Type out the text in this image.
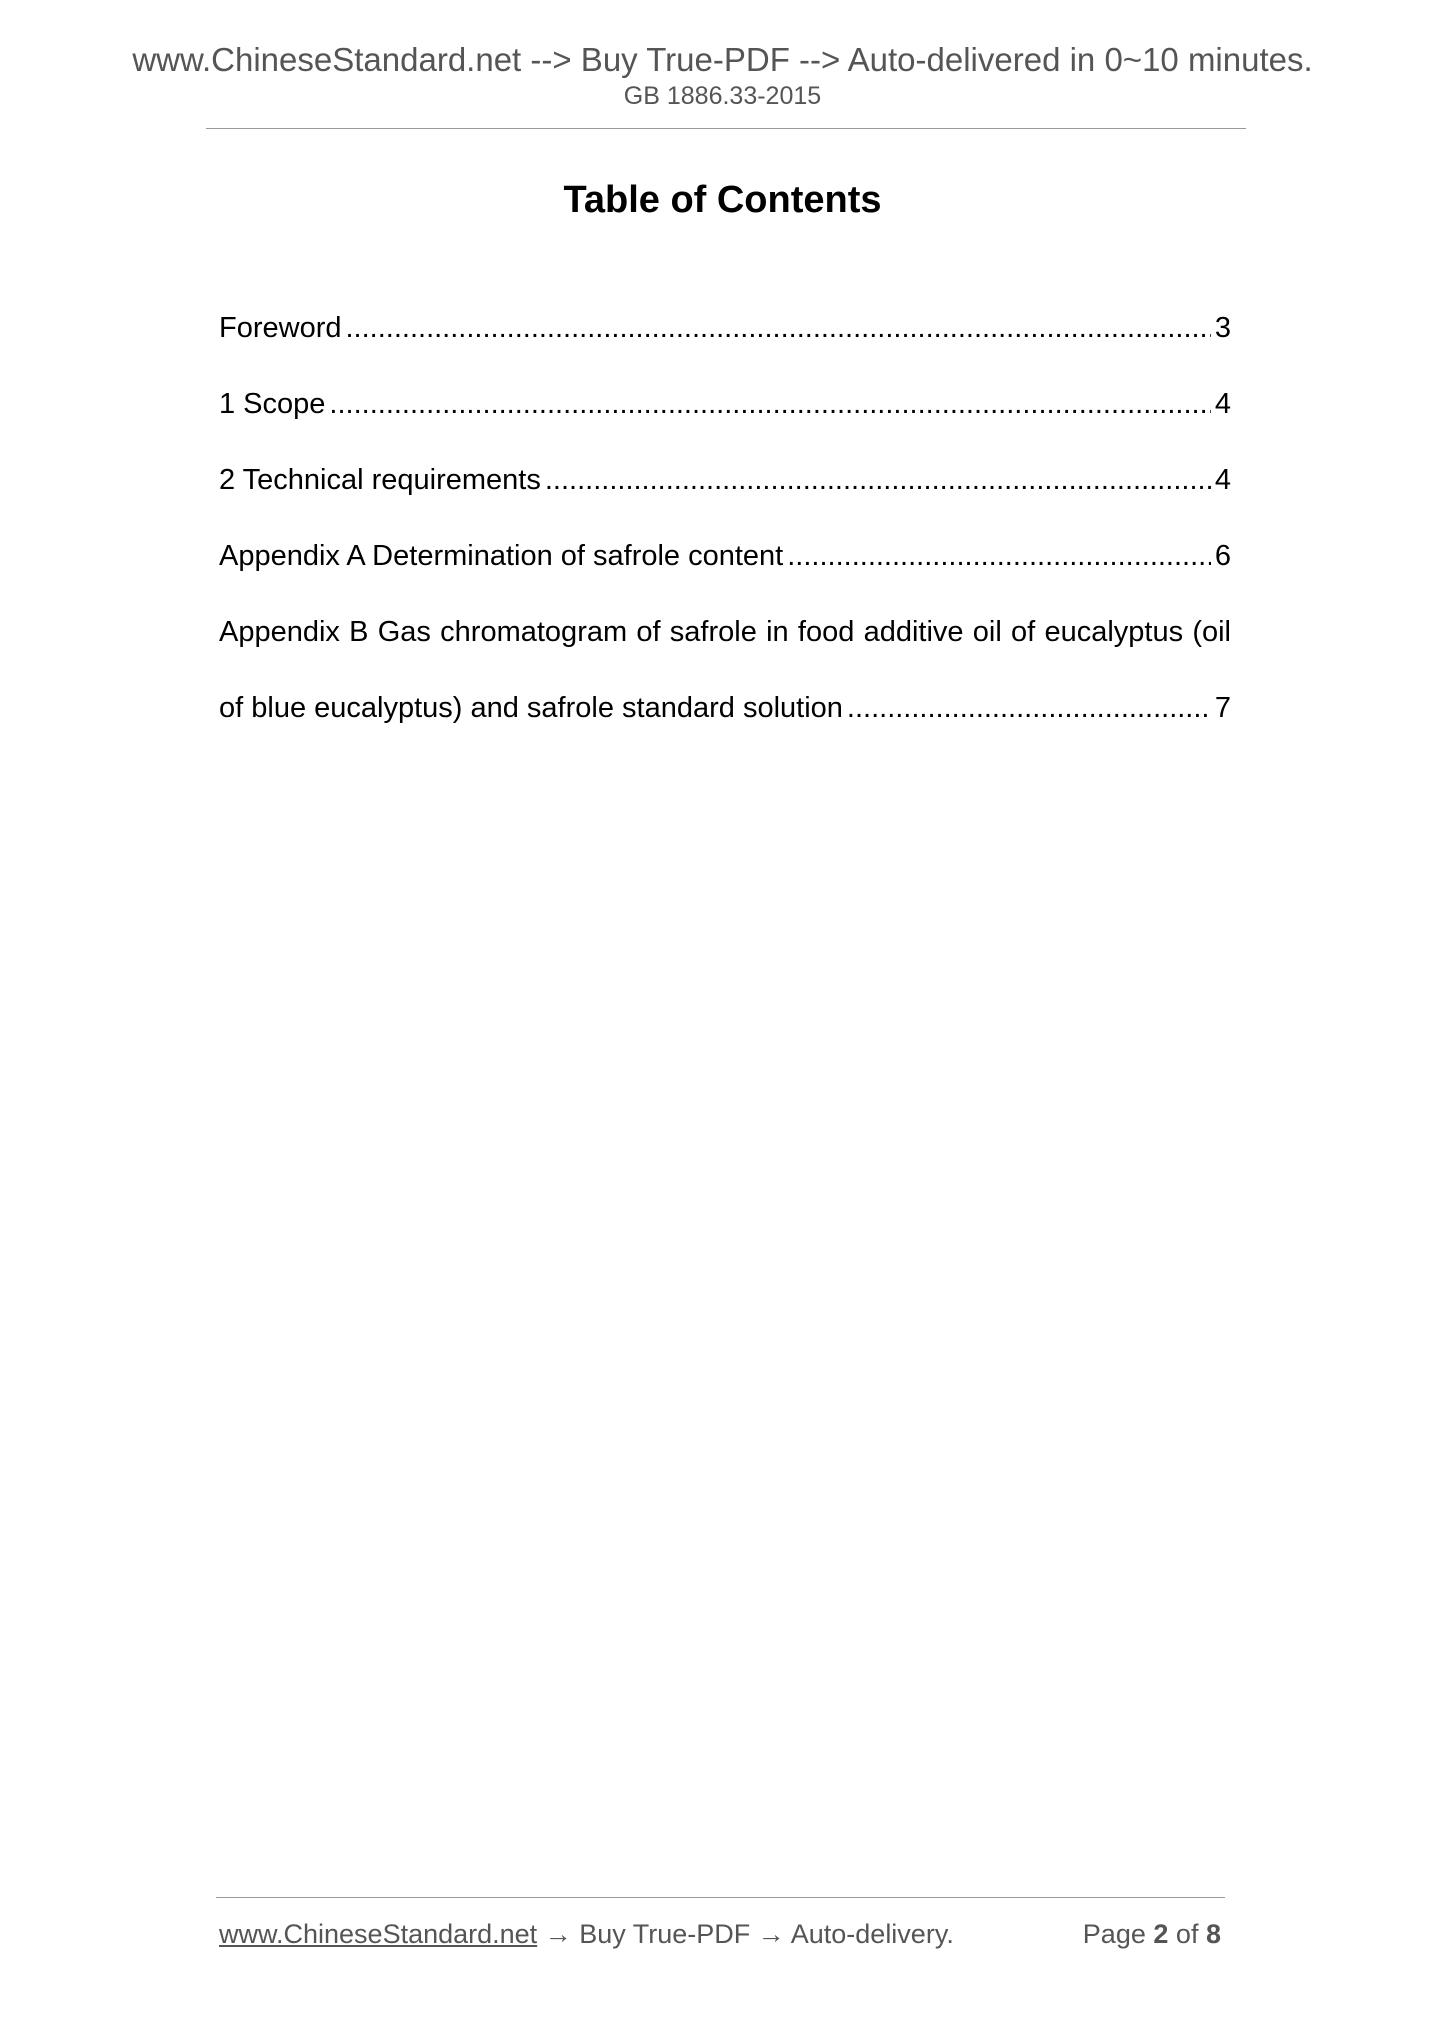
www.ChineseStandard.net --> Buy True-PDF --> Auto-delivered in 0~10 minutes.
GB 1886.33-2015
Table of Contents
Foreword .....	3
1 Scope .....	4
2 Technical requirements .....	4
Appendix A Determination of safrole content .....	6
Appendix B Gas chromatogram of safrole in food additive oil of eucalyptus (oil
of blue eucalyptus) and safrole standard solution .....	7
www.ChineseStandard.net → Buy True-PDF → Auto-delivery.	Page 2 of 8
